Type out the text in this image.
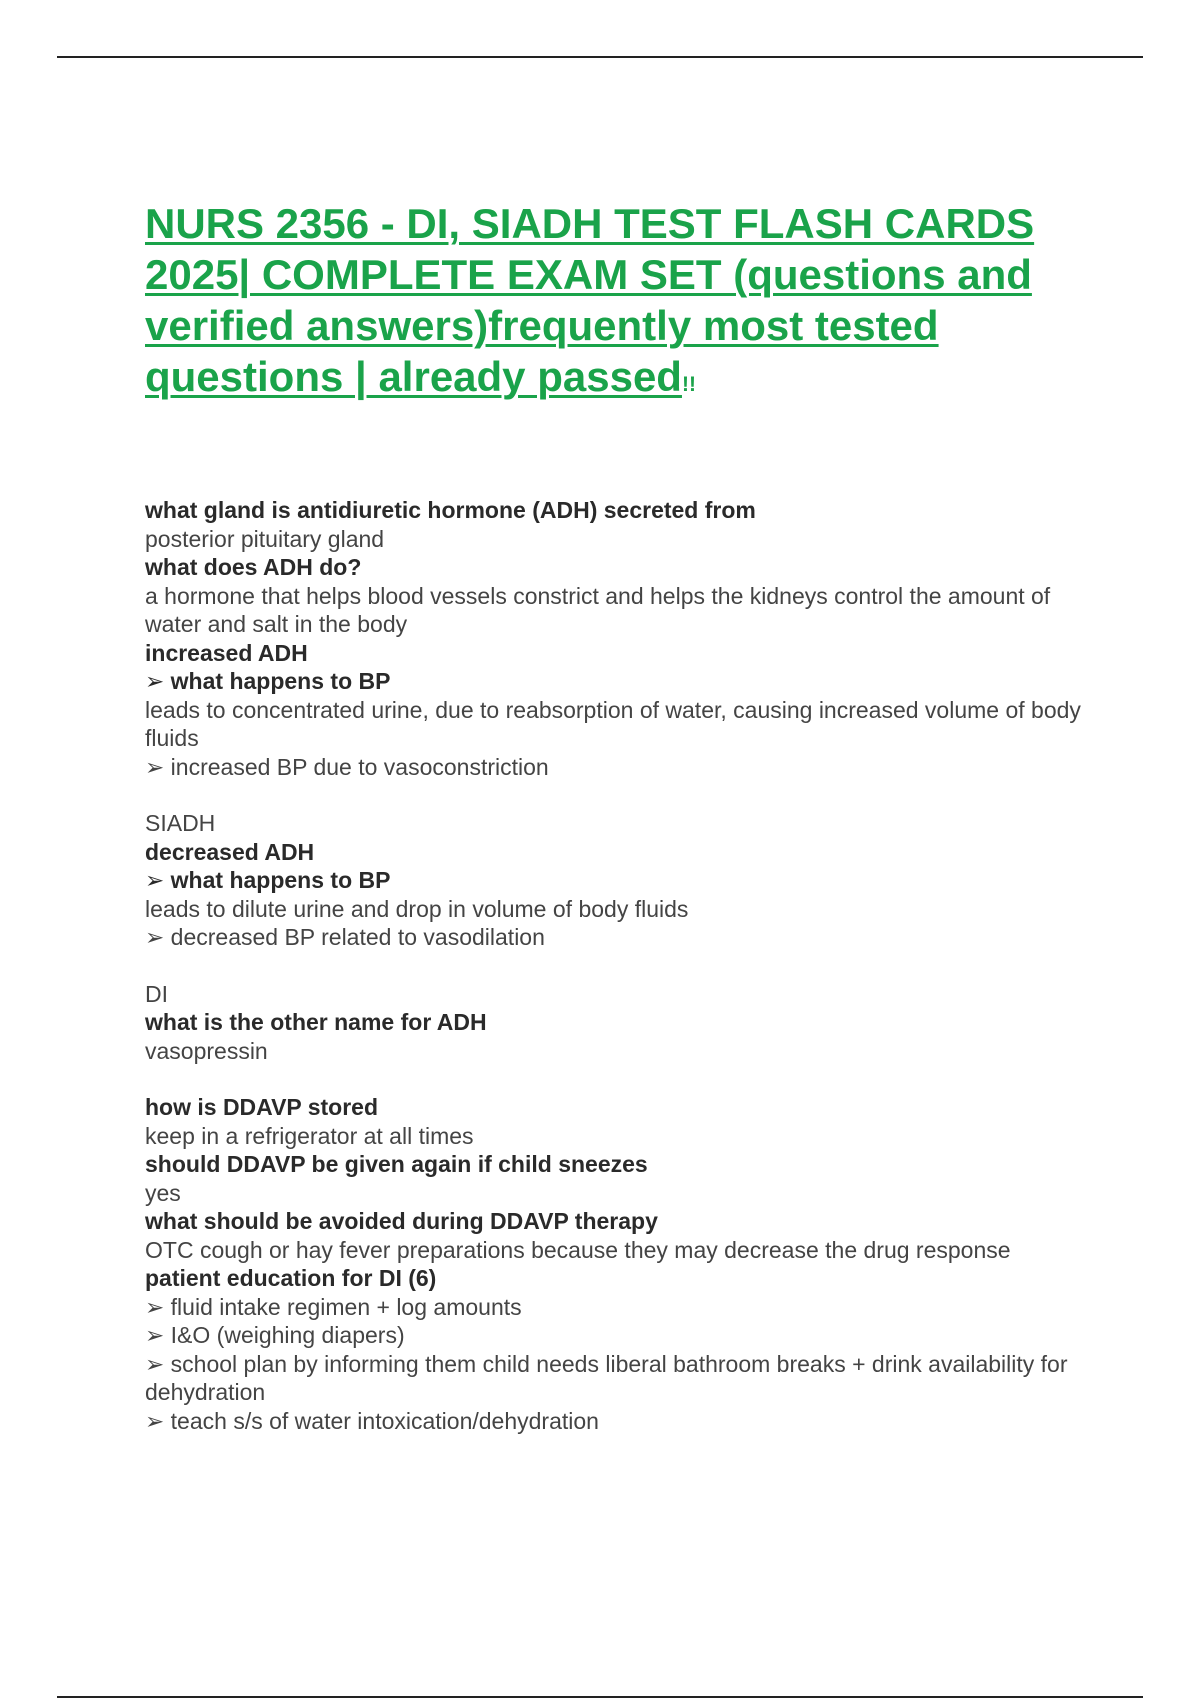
NURS 2356 - DI, SIADH TEST FLASH CARDS 2025| COMPLETE EXAM SET (questions and verified answers)frequently most tested questions | already passed!!
what gland is antidiuretic hormone (ADH) secreted from
posterior pituitary gland
what does ADH do?
a hormone that helps blood vessels constrict and helps the kidneys control the amount of water and salt in the body
increased ADH
➢ what happens to BP
leads to concentrated urine, due to reabsorption of water, causing increased volume of body fluids
➢ increased BP due to vasoconstriction
SIADH
decreased ADH
➢ what happens to BP
leads to dilute urine and drop in volume of body fluids
➢ decreased BP related to vasodilation
DI
what is the other name for ADH
vasopressin
how is DDAVP stored
keep in a refrigerator at all times
should DDAVP be given again if child sneezes
yes
what should be avoided during DDAVP therapy
OTC cough or hay fever preparations because they may decrease the drug response
patient education for DI (6)
➢ fluid intake regimen + log amounts
➢ I&O (weighing diapers)
➢ school plan by informing them child needs liberal bathroom breaks + drink availability for dehydration
➢ teach s/s of water intoxication/dehydration
